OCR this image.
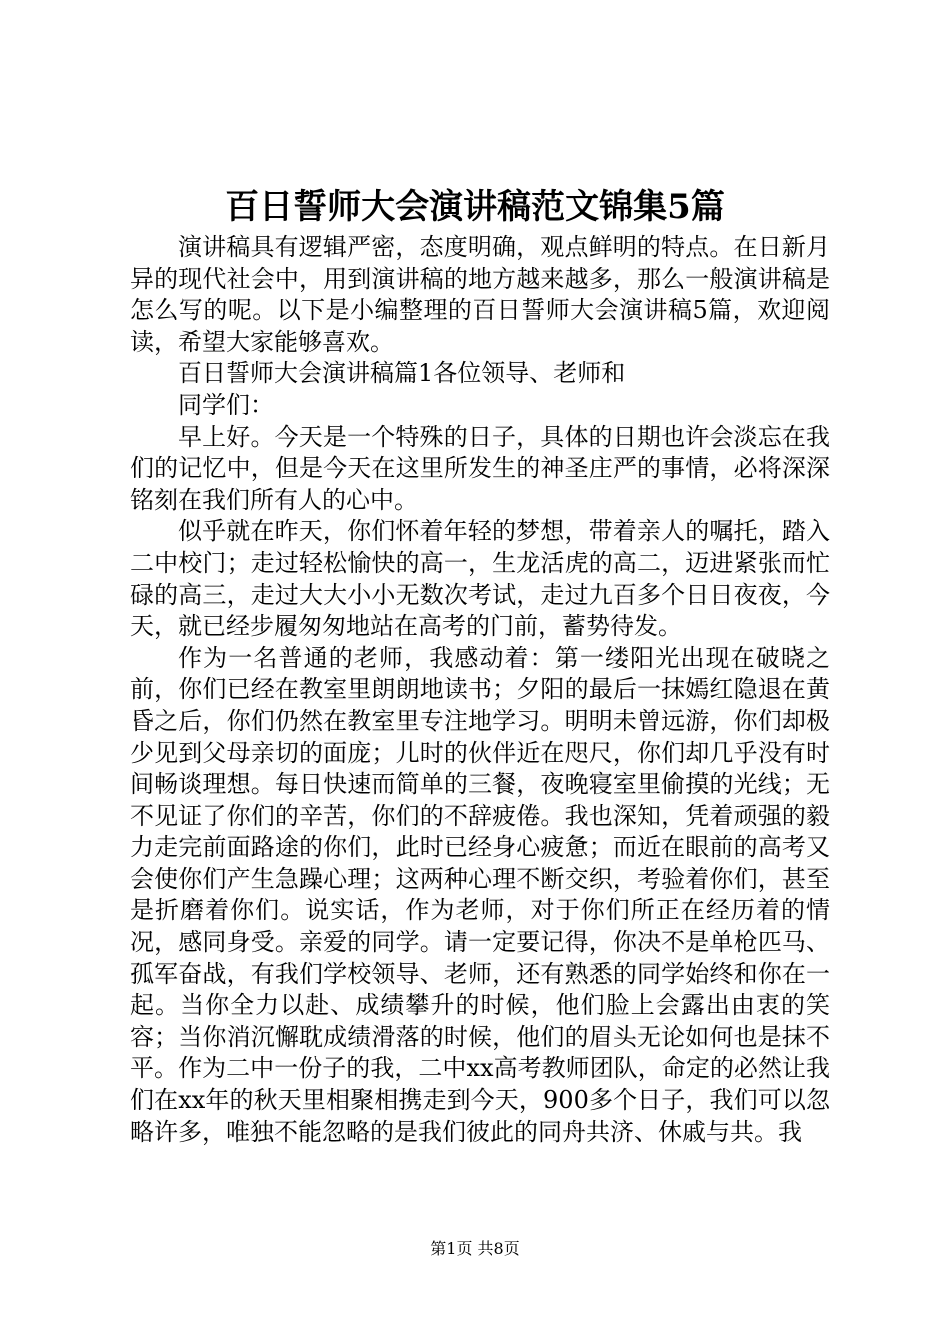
百日誓师大会演讲稿范文锦集5篇

演讲稿具有逻辑严密，态度明确，观点鲜明的特点。在日新月异的现代社会中，用到演讲稿的地方越来越多，那么一般演讲稿是怎么写的呢。以下是小编整理的百日誓师大会演讲稿5篇，欢迎阅读，希望大家能够喜欢。

百日誓师大会演讲稿篇1各位领导、老师和

同学们：

早上好。今天是一个特殊的日子，具体的日期也许会淡忘在我们的记忆中，但是今天在这里所发生的神圣庄严的事情，必将深深铭刻在我们所有人的心中。

似乎就在昨天，你们怀着年轻的梦想，带着亲人的嘱托，踏入二中校门；走过轻松愉快的高一，生龙活虎的高二，迈进紧张而忙碌的高三，走过大大小小无数次考试，走过九百多个日日夜夜，今天，就已经步履匆匆地站在高考的门前，蓄势待发。

作为一名普通的老师，我感动着：第一缕阳光出现在破晓之前，你们已经在教室里朗朗地读书；夕阳的最后一抹嫣红隐退在黄昏之后，你们仍然在教室里专注地学习。明明未曾远游，你们却极少见到父母亲切的面庞；儿时的伙伴近在咫尺，你们却几乎没有时间畅谈理想。每日快速而简单的三餐，夜晚寝室里偷摸的光线；无不见证了你们的辛苦，你们的不辞疲倦。我也深知，凭着顽强的毅力走完前面路途的你们，此时已经身心疲惫；而近在眼前的高考又会使你们产生急躁心理；这两种心理不断交织，考验着你们，甚至是折磨着你们。说实话，作为老师，对于你们所正在经历着的情况，感同身受。亲爱的同学。请一定要记得，你决不是单枪匹马、孤军奋战，有我们学校领导、老师，还有熟悉的同学始终和你在一起。当你全力以赴、成绩攀升的时候，他们脸上会露出由衷的笑容；当你消沉懈耽成绩滑落的时候，他们的眉头无论如何也是抹不平。作为二中一份子的我，二中xx高考教师团队，命定的必然让我们在xx年的秋天里相聚相携走到今天，900多个日子，我们可以忽略许多，唯独不能忽略的是我们彼此的同舟共济、休戚与共。我

第1页 共8页
